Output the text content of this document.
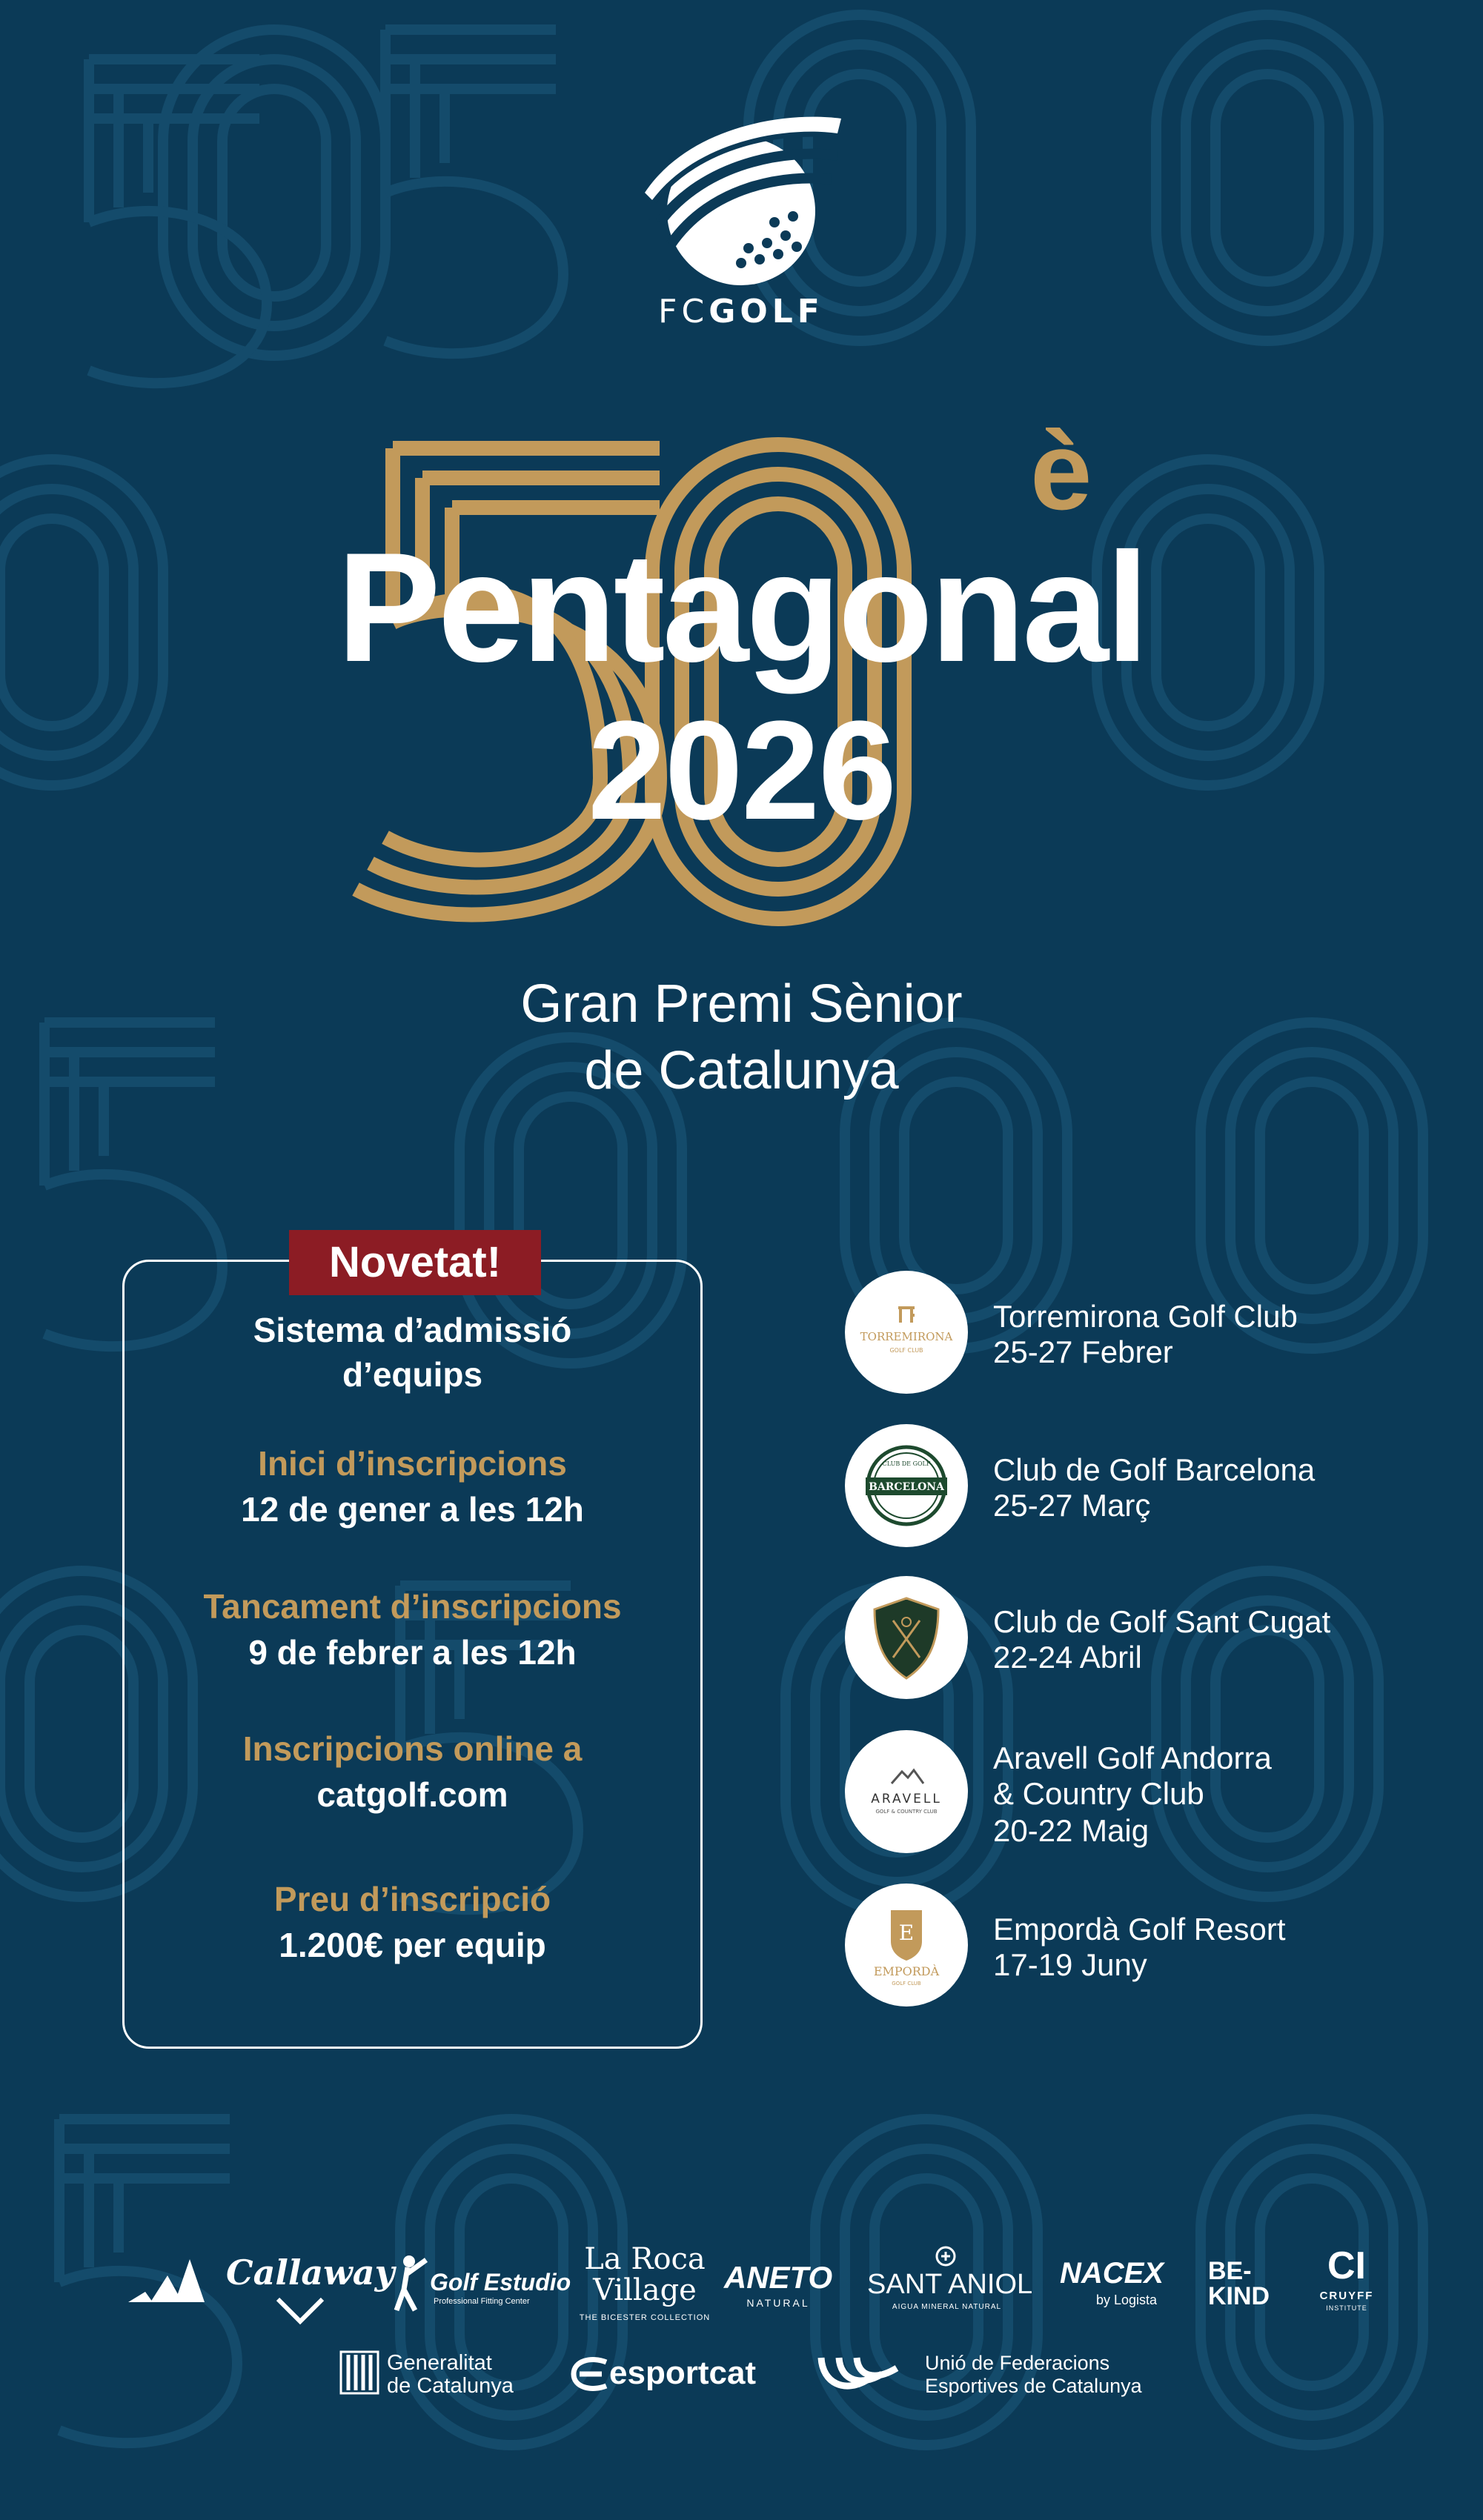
FCGOLF
è
Pentagonal
2026
Gran Premi Sènior
de Catalunya
Novetat!
Sistema d’admissió
d’equips
Inici d’inscripcions
12 de gener a les 12h
Tancament d’inscripcions
9 de febrer a les 12h
Inscripcions online a
catgolf.com
Preu d’inscripció
1.200€ per equip
TORREMIRONA
GOLF CLUB
Torremirona Golf Club
25-27 Febrer
BARCELONA
CLUB DE GOLF Club de Golf Barcelona
25-27 Març
Club de Golf Sant Cugat
22-24 Abril
ARAVELL
GOLF & COUNTRY CLUB
Aravell Golf Andorra
& Country Club
20-22 Maig
E
EMPORDÀ
GOLF CLUB
Empordà Golf Resort
17-19 Juny
Callaway Golf Estudio
Professional Fitting Center
La Roca
Village
THE BICESTER COLLECTION
ANETO
NATURAL
SANT ANIOL
AIGUA MINERAL NATURAL
NACEX
by Logista
BE-
KIND
CI
CRUYFF
INSTITUTE
Generalitat
de Catalunya	esportcat	Unió de Federacions
Esportives de Catalunya
